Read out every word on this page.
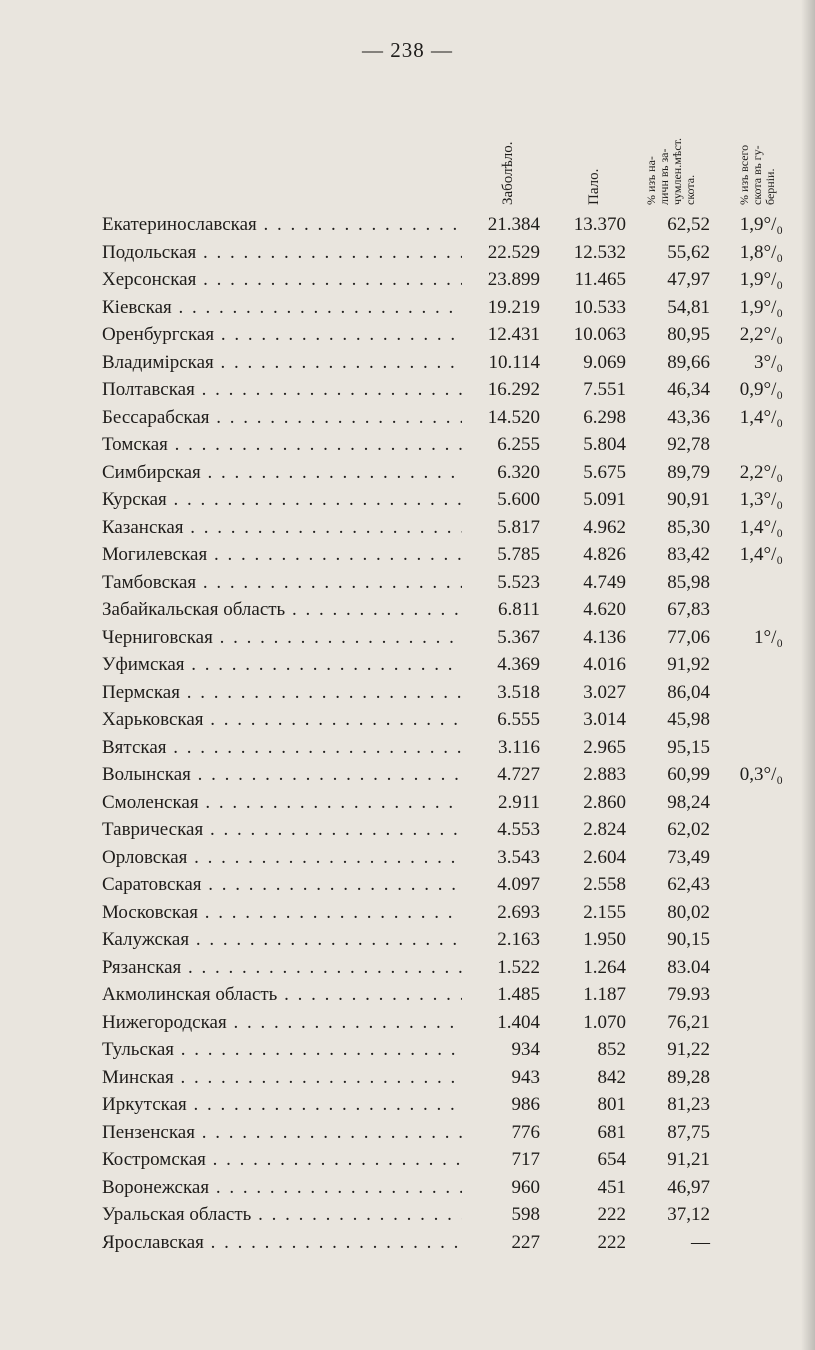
— 238 —
Заболѣло.	Пало.	% изъ на-
личн въ за-
чумлен.мѣст.
скота.	% изъ всего
скота въ гу-
берніи.
Екатеринославская . . .	21.384	13.370	62,52	1,9°/₀
Подольская . . .	22.529	12.532	55,62	1,8°/₀
Херсонская . . .	23.899	11.465	47,97	1,9°/₀
Кіевская . . .	19.219	10.533	54,81	1,9°/₀
Оренбургская . . .	12.431	10.063	80,95	2,2°/₀
Владимірская . . .	10.114	9.069	89,66	3°/₀
Полтавская . . .	16.292	7.551	46,34	0,9°/₀
Бессарабская . . .	14.520	6.298	43,36	1,4°/₀
Томская . . .	6.255	5.804	92,78
Симбирская . . .	6.320	5.675	89,79	2,2°/₀
Курская . . .	5.600	5.091	90,91	1,3°/₀
Казанская . . .	5.817	4.962	85,30	1,4°/₀
Могилевская . . .	5.785	4.826	83,42	1,4°/₀
Тамбовская . . .	5.523	4.749	85,98
Забайкальская область . . .	6.811	4.620	67,83
Черниговская . . .	5.367	4.136	77,06	1°/₀
Уфимская . . .	4.369	4.016	91,92
Пермская . . .	3.518	3.027	86,04
Харьковская . . .	6.555	3.014	45,98
Вятская . . .	3.116	2.965	95,15
Волынская . . .	4.727	2.883	60,99	0,3°/₀
Смоленская . . .	2.911	2.860	98,24
Таврическая . . .	4.553	2.824	62,02
Орловская . . .	3.543	2.604	73,49
Саратовская . . .	4.097	2.558	62,43
Московская . . .	2.693	2.155	80,02
Калужская . . .	2.163	1.950	90,15
Рязанская . . .	1.522	1.264	83.04
Акмолинская область . . .	1.485	1.187	79.93
Нижегородская . . .	1.404	1.070	76,21
Тульская . . .	934	852	91,22
Минская . . .	943	842	89,28
Иркутская . . .	986	801	81,23
Пензенская . . .	776	681	87,75
Костромская . . .	717	654	91,21
Воронежская . . .	960	451	46,97
Уральская область . . .	598	222	37,12
Ярославская . . .	227	222	—
